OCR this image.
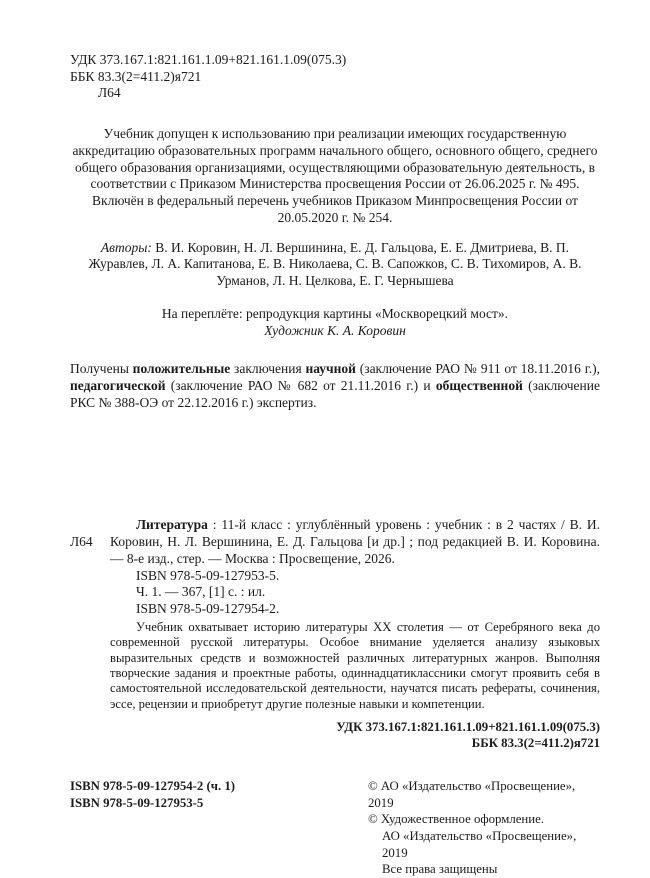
УДК 373.167.1:821.161.1.09+821.161.1.09(075.3)
ББК 83.3(2=411.2)я721
Л64

Учебник допущен к использованию при реализации имеющих государственную аккредитацию образовательных программ начального общего, основного общего, среднего общего образования организациями, осуществляющими образовательную деятельность, в соответствии с Приказом Министерства просвещения России от 26.06.2025 г. № 495. Включён в федеральный перечень учебников Приказом Минпросвещения России от 20.05.2020 г. № 254.

Авторы: В. И. Коровин, Н. Л. Вершинина, Е. Д. Гальцова, Е. Е. Дмитриева, В. П. Журавлев, Л. А. Капитанова, Е. В. Николаева, С. В. Сапожков, С. В. Тихомиров, А. В. Урманов, Л. Н. Целкова, Е. Г. Чернышева

На переплёте: репродукция картины «Москворецкий мост».

Художник К. А. Коровин

Получены положительные заключения научной (заключение РАО № 911 от 18.11.2016 г.), педагогической (заключение РАО № 682 от 21.11.2016 г.) и общественной (заключение РКС № 388-ОЭ от 22.12.2016 г.) экспертиз.

Л64

Литература : 11-й класс : углублённый уровень : учебник : в 2 частях / В. И. Коровин, Н. Л. Вершинина, Е. Д. Гальцова [и др.] ; под редакцией В. И. Коровина. — 8-е изд., стер. — Москва : Просвещение, 2026.

ISBN 978-5-09-127953-5.

Ч. 1. — 367, [1] с. : ил.

ISBN 978-5-09-127954-2.

Учебник охватывает историю литературы XX столетия — от Серебряного века до современной русской литературы. Особое внимание уделяется анализу языковых выразительных средств и возможностей различных литературных жанров. Выполняя творческие задания и проектные работы, одиннадцатиклассники смогут проявить себя в самостоятельной исследовательской деятельности, научатся писать рефераты, сочинения, эссе, рецензии и приобретут другие полезные навыки и компетенции.

УДК 373.167.1:821.161.1.09+821.161.1.09(075.3)
ББК 83.3(2=411.2)я721
ISBN 978-5-09-127954-2 (ч. 1)
ISBN 978-5-09-127953-5
© АО «Издательство «Просвещение», 2019
© Художественное оформление.
АО «Издательство «Просвещение», 2019
Все права защищены
